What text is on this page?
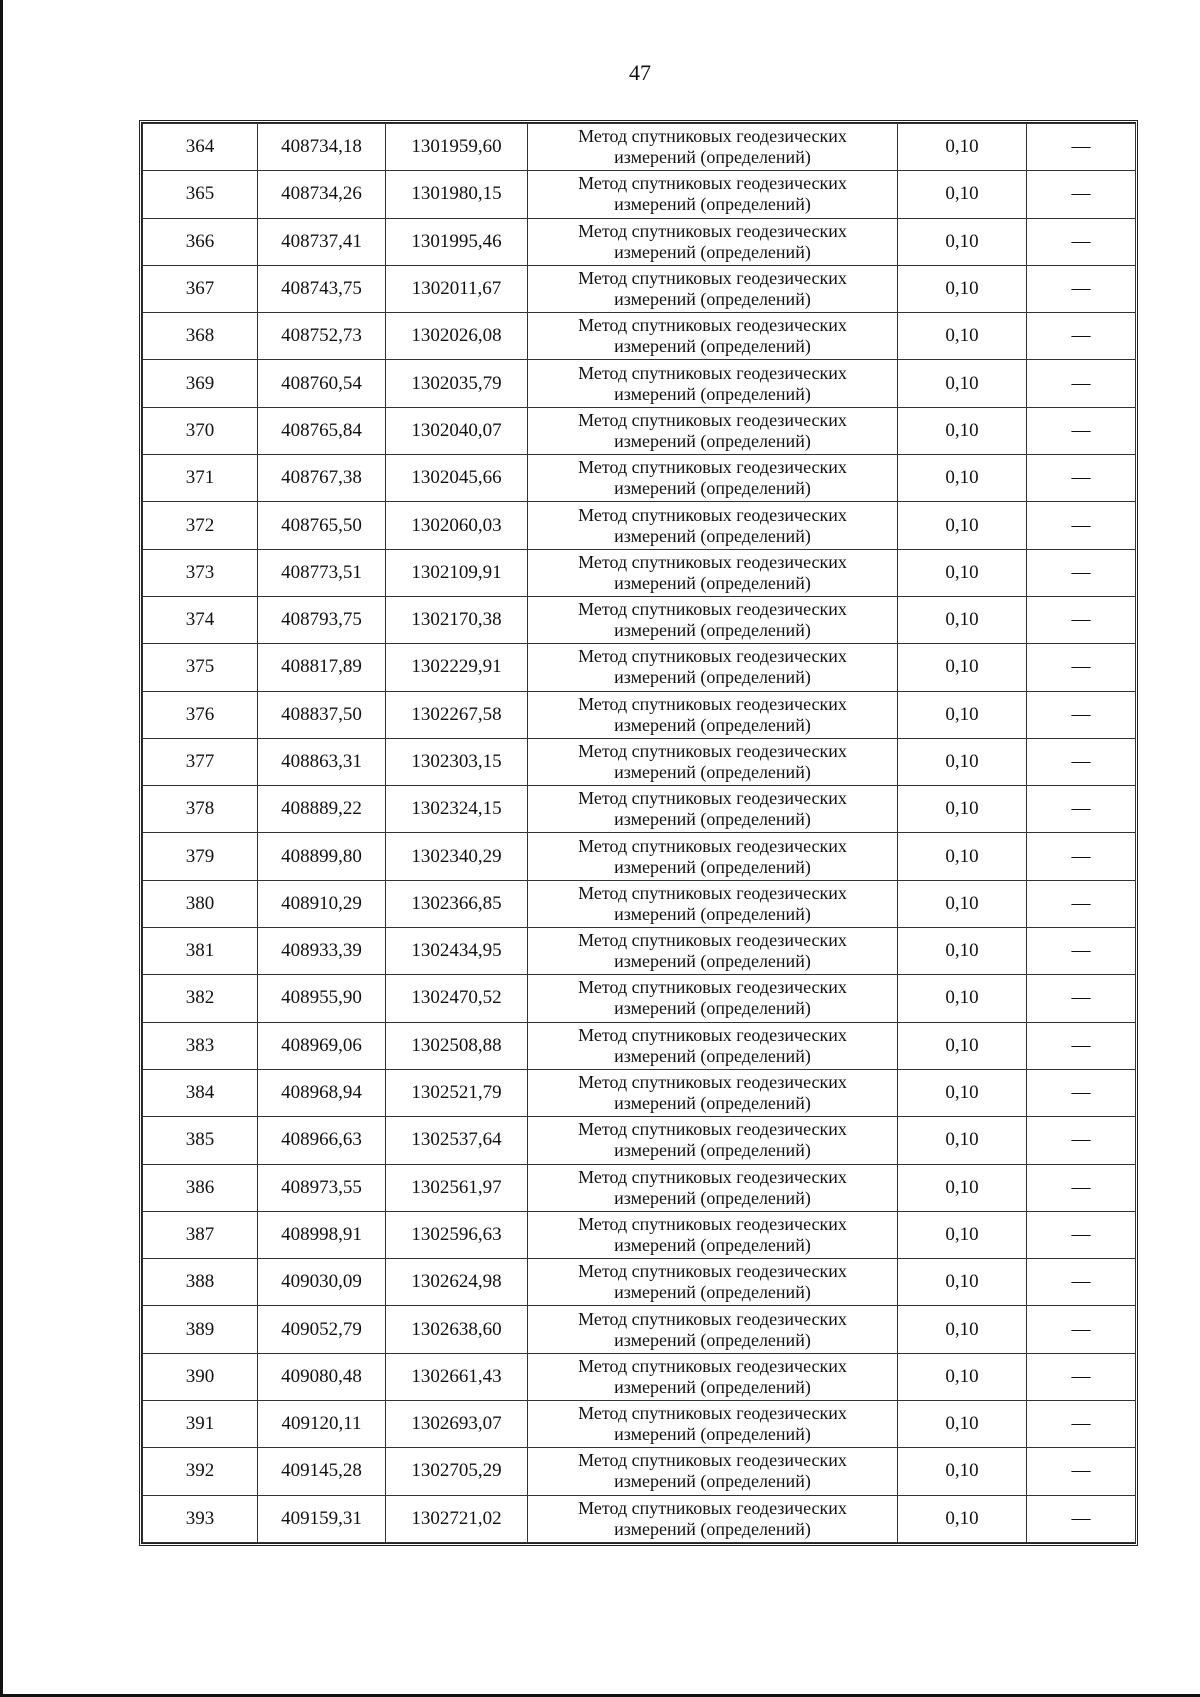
47
364	408734,18	1301959,60	Метод спутниковых геодезических
измерений (определений)	0,10	—
365	408734,26	1301980,15	Метод спутниковых геодезических
измерений (определений)	0,10	—
366	408737,41	1301995,46	Метод спутниковых геодезических
измерений (определений)	0,10	—
367	408743,75	1302011,67	Метод спутниковых геодезических
измерений (определений)	0,10	—
368	408752,73	1302026,08	Метод спутниковых геодезических
измерений (определений)	0,10	—
369	408760,54	1302035,79	Метод спутниковых геодезических
измерений (определений)	0,10	—
370	408765,84	1302040,07	Метод спутниковых геодезических
измерений (определений)	0,10	—
371	408767,38	1302045,66	Метод спутниковых геодезических
измерений (определений)	0,10	—
372	408765,50	1302060,03	Метод спутниковых геодезических
измерений (определений)	0,10	—
373	408773,51	1302109,91	Метод спутниковых геодезических
измерений (определений)	0,10	—
374	408793,75	1302170,38	Метод спутниковых геодезических
измерений (определений)	0,10	—
375	408817,89	1302229,91	Метод спутниковых геодезических
измерений (определений)	0,10	—
376	408837,50	1302267,58	Метод спутниковых геодезических
измерений (определений)	0,10	—
377	408863,31	1302303,15	Метод спутниковых геодезических
измерений (определений)	0,10	—
378	408889,22	1302324,15	Метод спутниковых геодезических
измерений (определений)	0,10	—
379	408899,80	1302340,29	Метод спутниковых геодезических
измерений (определений)	0,10	—
380	408910,29	1302366,85	Метод спутниковых геодезических
измерений (определений)	0,10	—
381	408933,39	1302434,95	Метод спутниковых геодезических
измерений (определений)	0,10	—
382	408955,90	1302470,52	Метод спутниковых геодезических
измерений (определений)	0,10	—
383	408969,06	1302508,88	Метод спутниковых геодезических
измерений (определений)	0,10	—
384	408968,94	1302521,79	Метод спутниковых геодезических
измерений (определений)	0,10	—
385	408966,63	1302537,64	Метод спутниковых геодезических
измерений (определений)	0,10	—
386	408973,55	1302561,97	Метод спутниковых геодезических
измерений (определений)	0,10	—
387	408998,91	1302596,63	Метод спутниковых геодезических
измерений (определений)	0,10	—
388	409030,09	1302624,98	Метод спутниковых геодезических
измерений (определений)	0,10	—
389	409052,79	1302638,60	Метод спутниковых геодезических
измерений (определений)	0,10	—
390	409080,48	1302661,43	Метод спутниковых геодезических
измерений (определений)	0,10	—
391	409120,11	1302693,07	Метод спутниковых геодезических
измерений (определений)	0,10	—
392	409145,28	1302705,29	Метод спутниковых геодезических
измерений (определений)	0,10	—
393	409159,31	1302721,02	Метод спутниковых геодезических
измерений (определений)	0,10	—
